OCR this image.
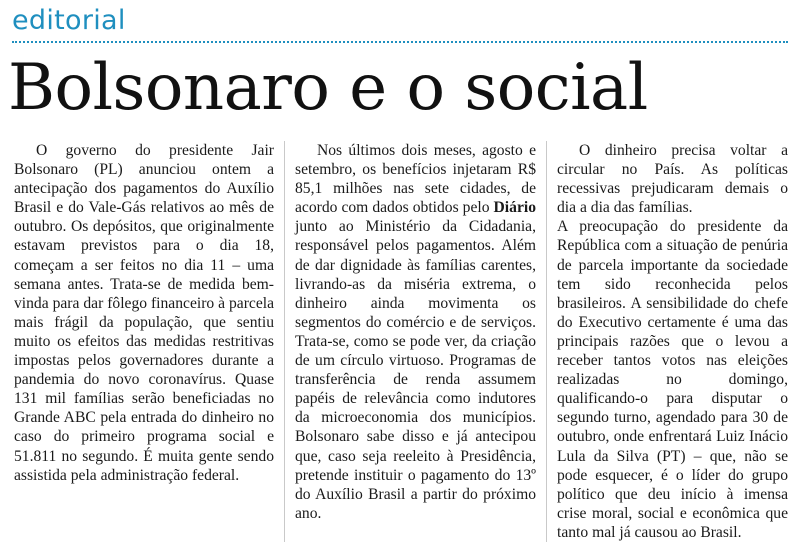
editorial
Bolsonaro e o social

O governo do presidente Jair Bolsonaro (PL) anunciou ontem a antecipação dos pagamentos do Auxílio Brasil e do Vale-Gás relativos ao mês de outubro. Os depósitos, que originalmente estavam previstos para o dia 18, começam a ser feitos no dia 11 – uma semana antes. Trata-se de medida bem-vinda para dar fôlego financeiro à parcela mais frágil da população, que sentiu muito os efeitos das medidas restritivas impostas pelos governadores durante a pandemia do novo coronavírus. Quase 131 mil famílias serão beneficiadas no Grande ABC pela entrada do dinheiro no caso do primeiro programa social e 51.811 no segundo. É muita gente sendo assistida pela administração federal.

Nos últimos dois meses, agosto e setembro, os benefícios injetaram R$ 85,1 milhões nas sete cidades, de acordo com dados obtidos pelo Diário junto ao Ministério da Cidadania, responsável pelos pagamentos. Além de dar dignidade às famílias carentes, livrando-as da miséria extrema, o dinheiro ainda movimenta os segmentos do comércio e de serviços. Trata-se, como se pode ver, da criação de um círculo virtuoso. Programas de transferência de renda assumem papéis de relevância como indutores da microeconomia dos municípios. Bolsonaro sabe disso e já antecipou que, caso seja reeleito à Presidência, pretende instituir o pagamento do 13º do Auxílio Brasil a partir do próximo ano.

O dinheiro precisa voltar a circular no País. As políticas recessivas prejudicaram demais o dia a dia das famílias.

A preocupação do presidente da República com a situação de penúria de parcela importante da sociedade tem sido reconhecida pelos brasileiros. A sensibilidade do chefe do Executivo certamente é uma das principais razões que o levou a receber tantos votos nas eleições realizadas no domingo, qualificando-o para disputar o segundo turno, agendado para 30 de outubro, onde enfrentará Luiz Inácio Lula da Silva (PT) – que, não se pode esquecer, é o líder do grupo político que deu início à imensa crise moral, social e econômica que tanto mal já causou ao Brasil.
